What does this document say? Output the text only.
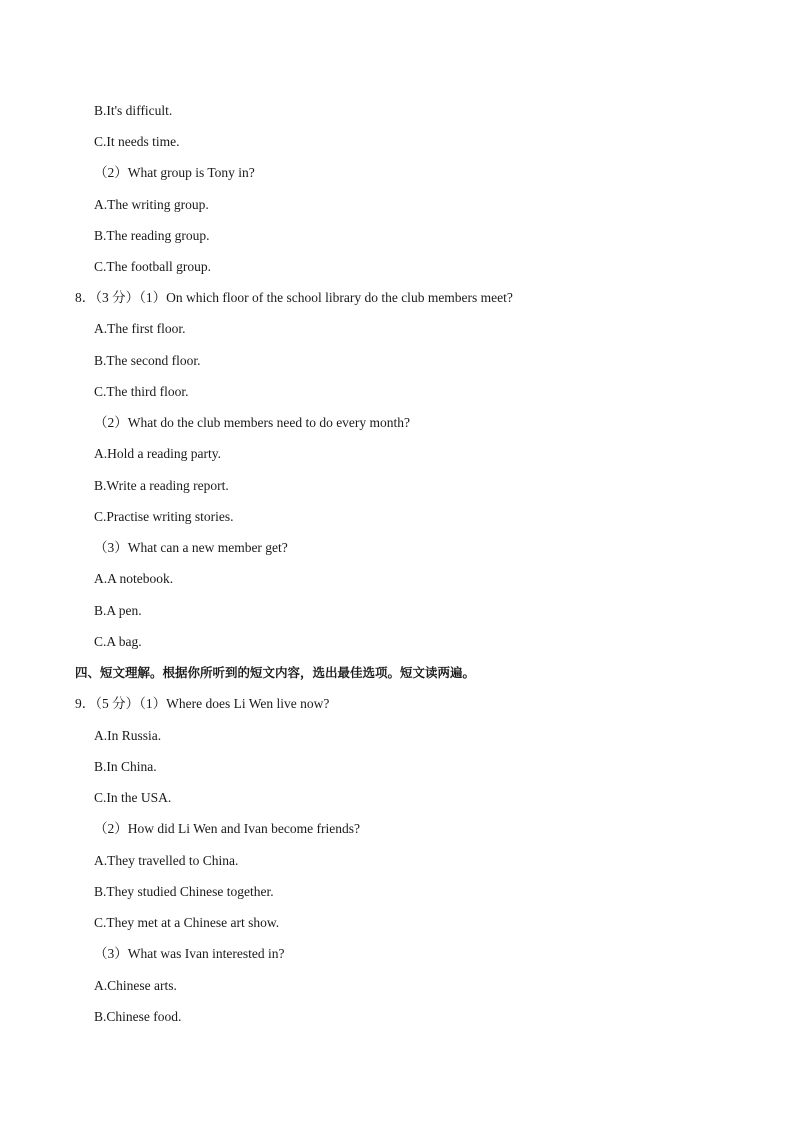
B.It's difficult.
C.It needs time.
（2）What group is Tony in?
A.The writing group.
B.The reading group.
C.The football group.
8．（3 分）（1）On which floor of the school library do the club members meet?
A.The first floor.
B.The second floor.
C.The third floor.
（2）What do the club members need to do every month?
A.Hold a reading party.
B.Write a reading report.
C.Practise writing stories.
（3）What can a new member get?
A.A notebook.
B.A pen.
C.A bag.
四、短文理解。根据你所听到的短文内容，选出最佳选项。短文读两遍。
9．（5 分）（1）Where does Li Wen live now?
A.In Russia.
B.In China.
C.In the USA.
（2）How did Li Wen and Ivan become friends?
A.They travelled to China.
B.They studied Chinese together.
C.They met at a Chinese art show.
（3）What was Ivan interested in?
A.Chinese arts.
B.Chinese food.
